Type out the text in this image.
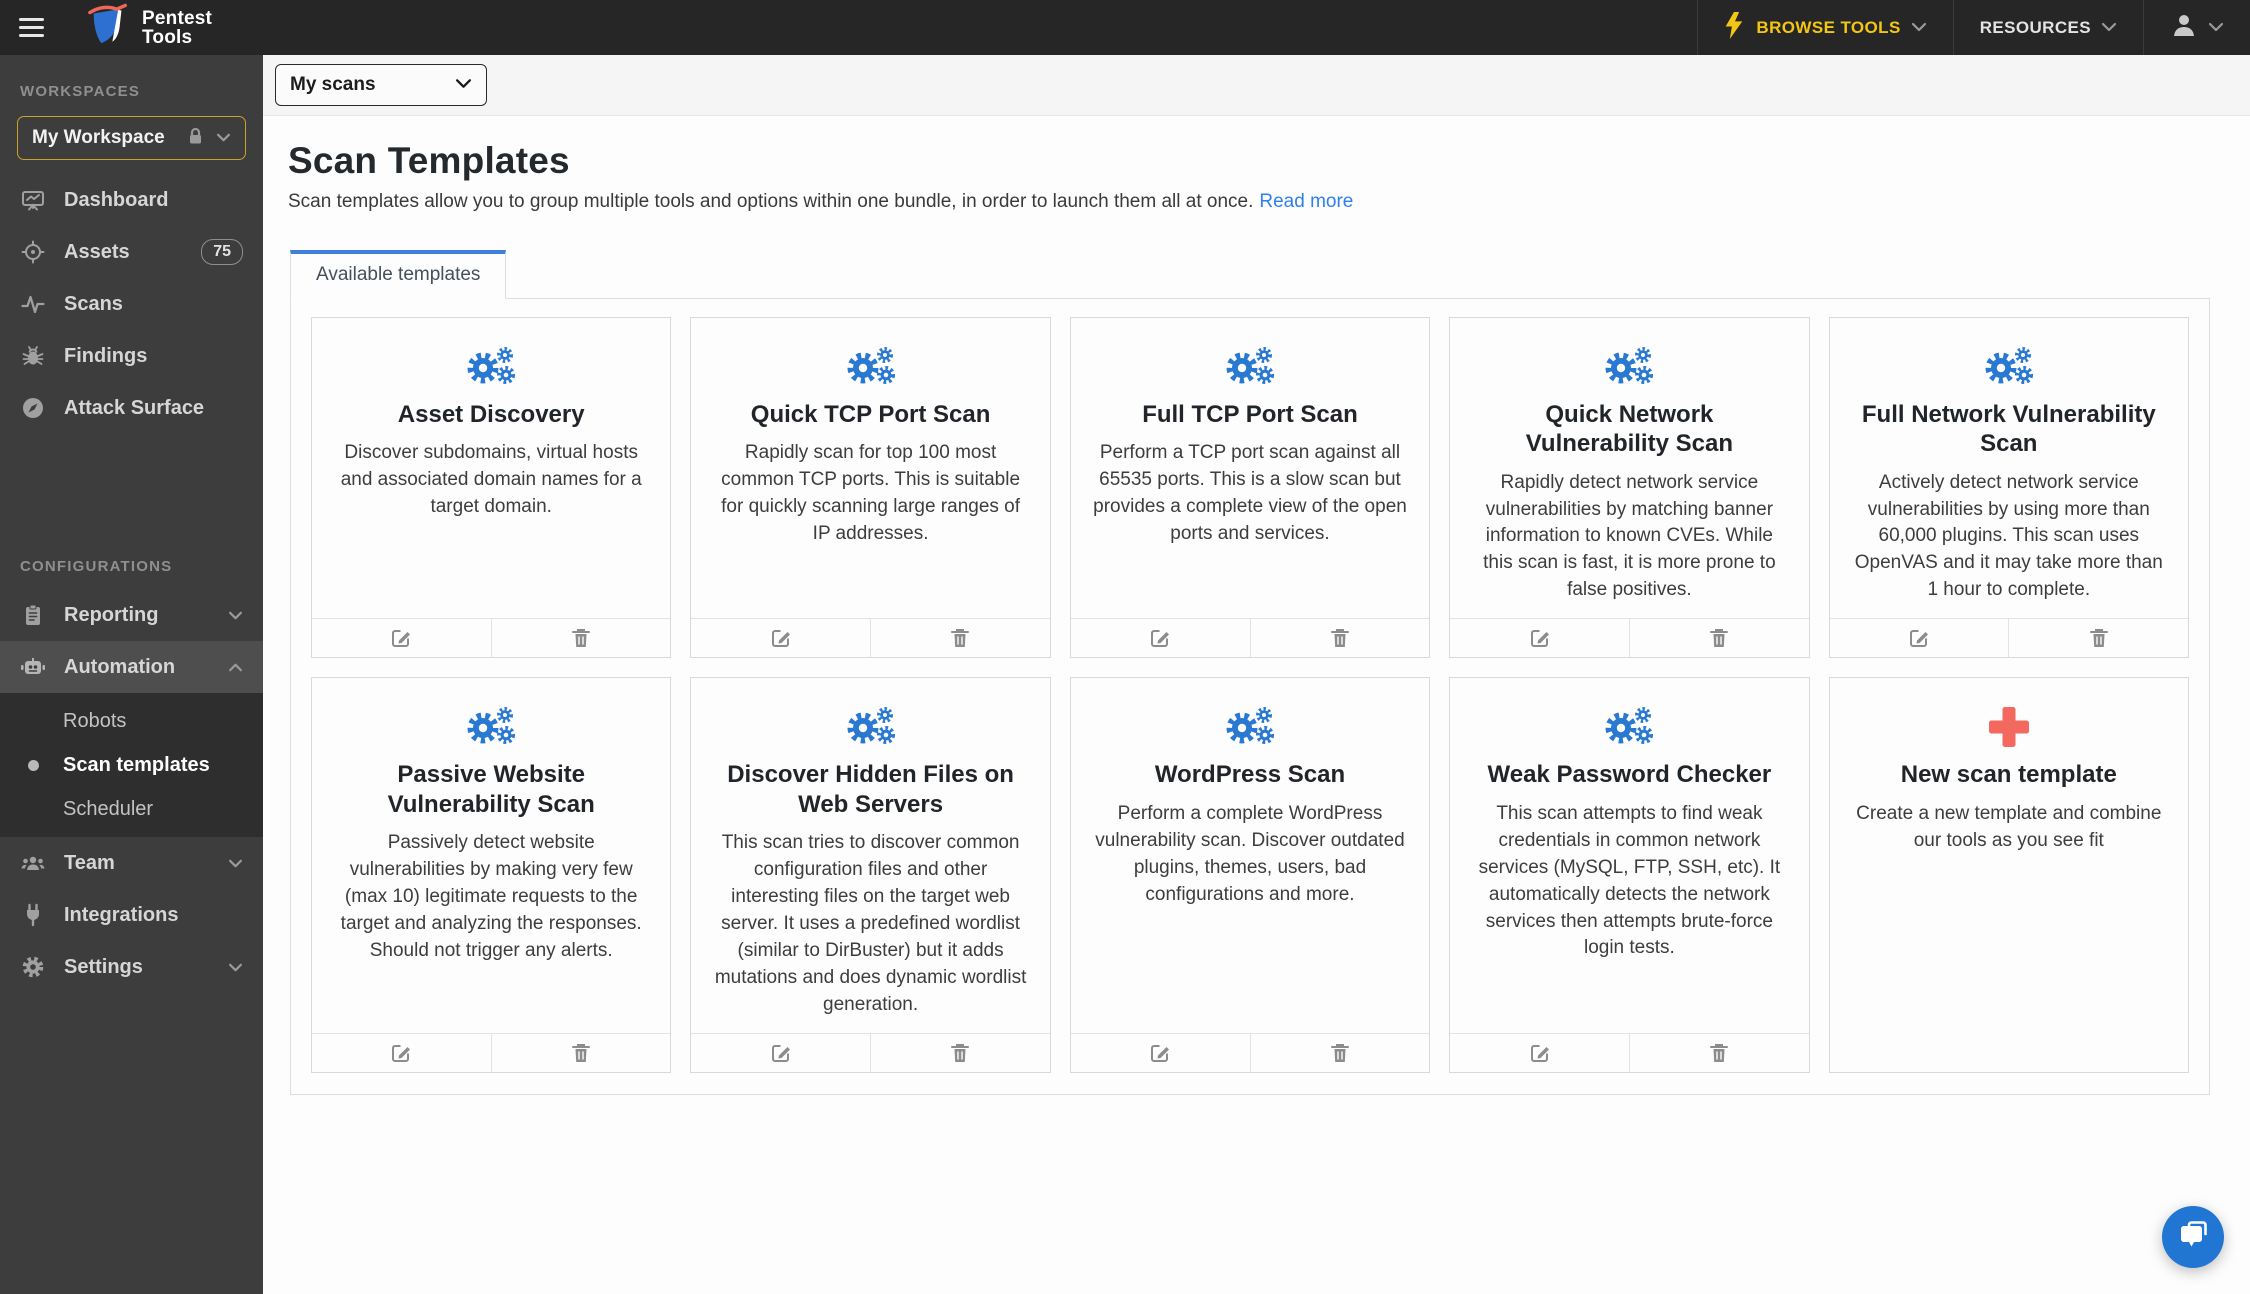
Pentest
Tools	BROWSE TOOLS	RESOURCES
WORKSPACES
My Workspace
Dashboard
Assets	75
Scans
Findings
Attack Surface
CONFIGURATIONS
Reporting
Automation
Robots
Scan templates
Scheduler
Team
Integrations
Settings
My scans
Scan Templates

Scan templates allow you to group multiple tools and options within one bundle, in order to launch them all at once. Read more

Available templates
Asset Discovery
Discover subdomains, virtual hosts and associated domain names for a target domain.
Quick TCP Port Scan
Rapidly scan for top 100 most common TCP ports. This is suitable for quickly scanning large ranges of IP addresses.
Full TCP Port Scan
Perform a TCP port scan against all 65535 ports. This is a slow scan but provides a complete view of the open ports and services.
Quick Network Vulnerability Scan
Rapidly detect network service vulnerabilities by matching banner information to known CVEs. While this scan is fast, it is more prone to false positives.
Full Network Vulnerability Scan
Actively detect network service vulnerabilities by using more than 60,000 plugins. This scan uses OpenVAS and it may take more than 1 hour to complete.
Passive Website Vulnerability Scan
Passively detect website vulnerabilities by making very few (max 10) legitimate requests to the target and analyzing the responses. Should not trigger any alerts.
Discover Hidden Files on Web Servers
This scan tries to discover common configuration files and other interesting files on the target web server. It uses a predefined wordlist (similar to DirBuster) but it adds mutations and does dynamic wordlist generation.
WordPress Scan
Perform a complete WordPress vulnerability scan. Discover outdated plugins, themes, users, bad configurations and more.
Weak Password Checker
This scan attempts to find weak credentials in common network services (MySQL, FTP, SSH, etc). It automatically detects the network services then attempts brute-force login tests.
New scan template
Create a new template and combine our tools as you see fit
